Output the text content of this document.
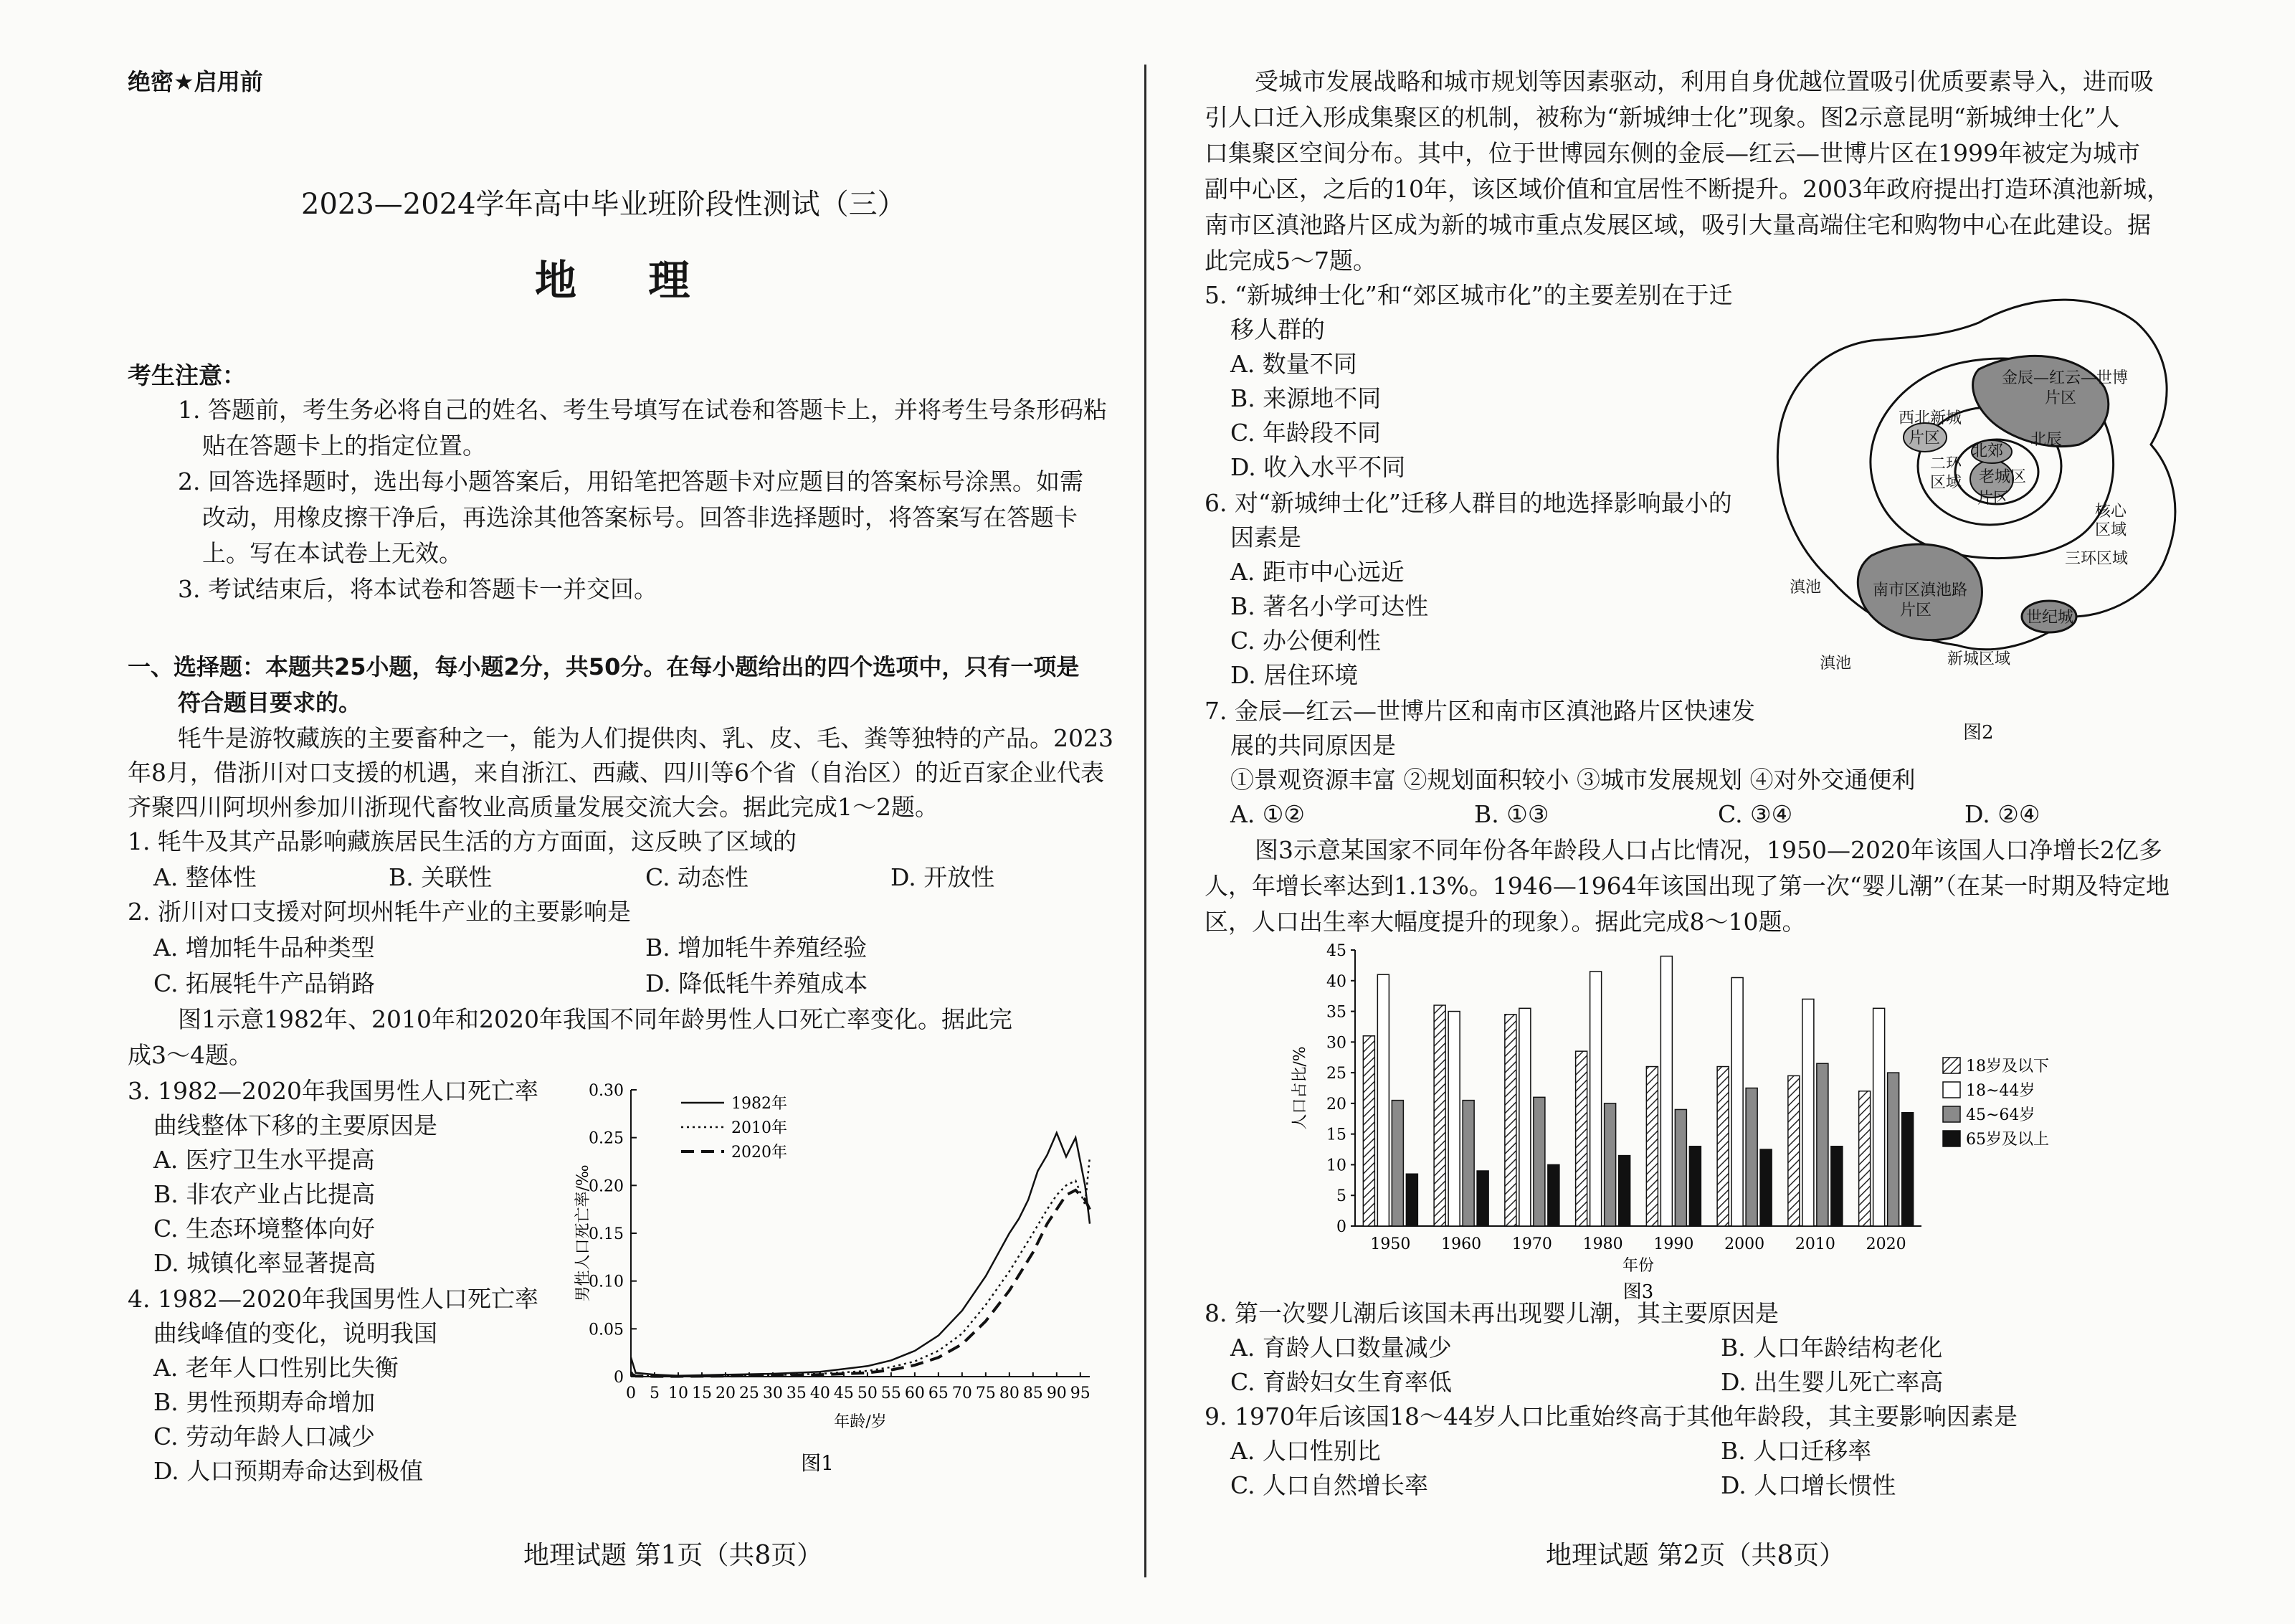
绝密★启用前
2023—2024学年高中毕业班阶段性测试（三）
地 理
考生注意：
1. 答题前，考生务必将自己的姓名、考生号填写在试卷和答题卡上，并将考生号条形码粘
贴在答题卡上的指定位置。
2. 回答选择题时，选出每小题答案后，用铅笔把答题卡对应题目的答案标号涂黑。如需
改动，用橡皮擦干净后，再选涂其他答案标号。回答非选择题时，将答案写在答题卡
上。写在本试卷上无效。
3. 考试结束后，将本试卷和答题卡一并交回。
一、选择题：本题共25小题，每小题2分，共50分。在每小题给出的四个选项中，只有一项是
符合题目要求的。
牦牛是游牧藏族的主要畜种之一，能为人们提供肉、乳、皮、毛、粪等独特的产品。2023
年8月，借浙川对口支援的机遇，来自浙江、西藏、四川等6个省（自治区）的近百家企业代表
齐聚四川阿坝州参加川浙现代畜牧业高质量发展交流大会。据此完成1～2题。
1. 牦牛及其产品影响藏族居民生活的方方面面，这反映了区域的
A. 整体性	B. 关联性	C. 动态性	D. 开放性
2. 浙川对口支援对阿坝州牦牛产业的主要影响是
A. 增加牦牛品种类型	B. 增加牦牛养殖经验
C. 拓展牦牛产品销路	D. 降低牦牛养殖成本
图1示意1982年、2010年和2020年我国不同年龄男性人口死亡率变化。据此完
成3～4题。
3. 1982—2020年我国男性人口死亡率
曲线整体下移的主要原因是
A. 医疗卫生水平提高
B. 非农产业占比提高
C. 生态环境整体向好
D. 城镇化率显著提高
4. 1982—2020年我国男性人口死亡率
曲线峰值的变化，说明我国
A. 老年人口性别比失衡
B. 男性预期寿命增加
C. 劳动年龄人口减少
D. 人口预期寿命达到极值
0
0.05
0.10
0.15
0.20
0.25
0.30
0 5 10 15 20 25 30 35 40 45 50 55 60 65 70 75 80 85 90 95
年龄/岁
男性人口死亡率/‰
1982年
2010年
2020年
图1
地理试题 第1页（共8页）
受城市发展战略和城市规划等因素驱动，利用自身优越位置吸引优质要素导入，进而吸
引人口迁入形成集聚区的机制，被称为“新城绅士化”现象。图2示意昆明“新城绅士化”人
口集聚区空间分布。其中，位于世博园东侧的金辰—红云—世博片区在1999年被定为城市
副中心区，之后的10年，该区域价值和宜居性不断提升。2003年政府提出打造环滇池新城，
南市区滇池路片区成为新的城市重点发展区域，吸引大量高端住宅和购物中心在此建设。据
此完成5～7题。
5. “新城绅士化”和“郊区城市化”的主要差别在于迁
移人群的
A. 数量不同
B. 来源地不同
C. 年龄段不同
D. 收入水平不同
6. 对“新城绅士化”迁移人群目的地选择影响最小的
因素是
A. 距市中心远近
B. 著名小学可达性
C. 办公便利性
D. 居住环境
7. 金辰—红云—世博片区和南市区滇池路片区快速发
展的共同原因是
①景观资源丰富 ②规划面积较小 ③城市发展规划 ④对外交通便利
A. ①②	B. ①③	C. ③④	D. ②④
金辰—红云—世博
片区
西北新城
片区
北郊
北辰
二环
区域 老城区
片区
核心
区域
三环区域
滇池	南市区滇池路
片区	世纪城
滇池	新城区域
图2
图3示意某国家不同年份各年龄段人口占比情况，1950—2020年该国人口净增长2亿多
人，年增长率达到1.13%。1946—1964年该国出现了第一次“婴儿潮”（在某一时期及特定地
区，人口出生率大幅度提升的现象）。据此完成8～10题。
0
5
10
15
20
25
30
35
40
45
人口占比/%
1950 1960 1970 1980 1990 2000 2010 2020
年份
18岁及以下
18~44岁
45~64岁
65岁及以上
图3
8. 第一次婴儿潮后该国未再出现婴儿潮，其主要原因是
A. 育龄人口数量减少	B. 人口年龄结构老化
C. 育龄妇女生育率低	D. 出生婴儿死亡率高
9. 1970年后该国18～44岁人口比重始终高于其他年龄段，其主要影响因素是
A. 人口性别比	B. 人口迁移率
C. 人口自然增长率	D. 人口增长惯性
地理试题 第2页（共8页）
